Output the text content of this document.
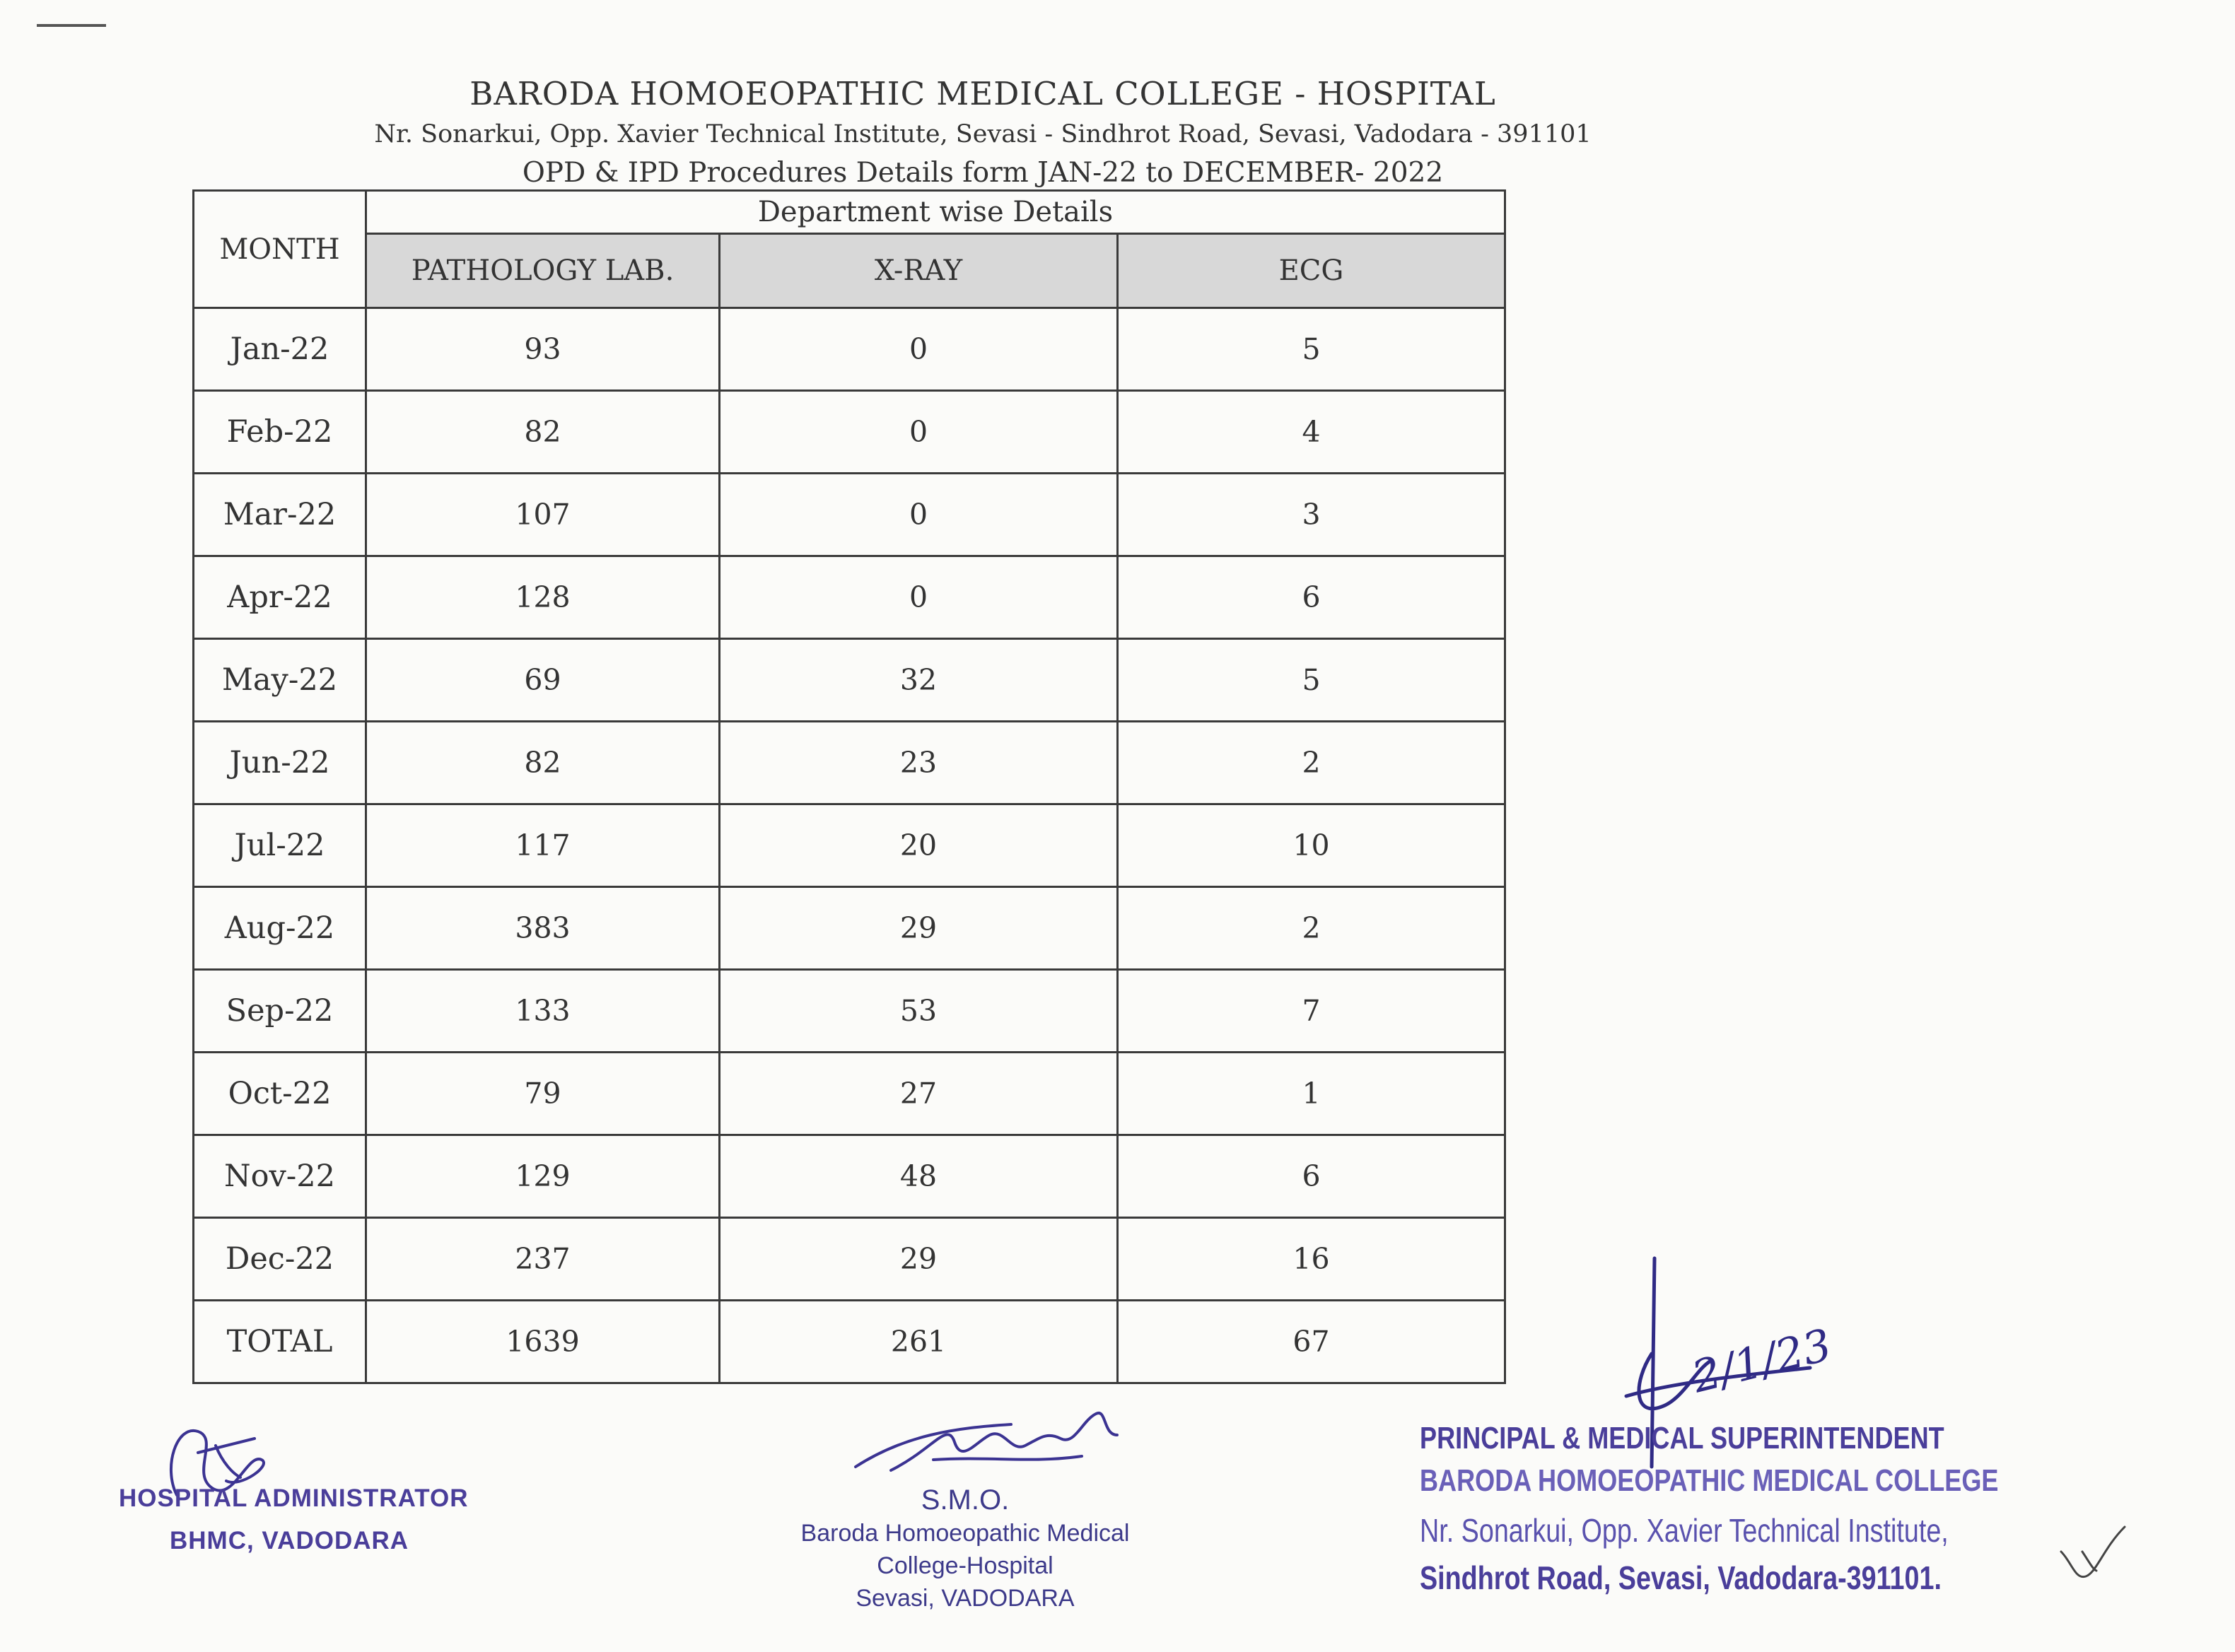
BARODA HOMOEOPATHIC MEDICAL COLLEGE - HOSPITAL
Nr. Sonarkui, Opp. Xavier Technical Institute, Sevasi - Sindhrot Road, Sevasi, Vadodara - 391101
OPD & IPD Procedures Details form JAN-22 to DECEMBER- 2022
MONTH	Department wise Details		
	PATHOLOGY LAB.	X-RAY	ECG
Jan-22	93	0	5
Feb-22	82	0	4
Mar-22	107	0	3
Apr-22	128	0	6
May-22	69	32	5
Jun-22	82	23	2
Jul-22	117	20	10
Aug-22	383	29	2
Sep-22	133	53	7
Oct-22	79	27	1
Nov-22	129	48	6
Dec-22	237	29	16
TOTAL	1639	261	67
HOSPITAL ADMINISTRATOR
BHMC, VADODARA
S.M.O.
Baroda Homoeopathic Medical
College-Hospital
Sevasi, VADODARA
2/1/23
PRINCIPAL & MEDICAL SUPERINTENDENT
BARODA HOMOEOPATHIC MEDICAL COLLEGE
Nr. Sonarkui, Opp. Xavier Technical Institute,
Sindhrot Road, Sevasi, Vadodara-391101.
